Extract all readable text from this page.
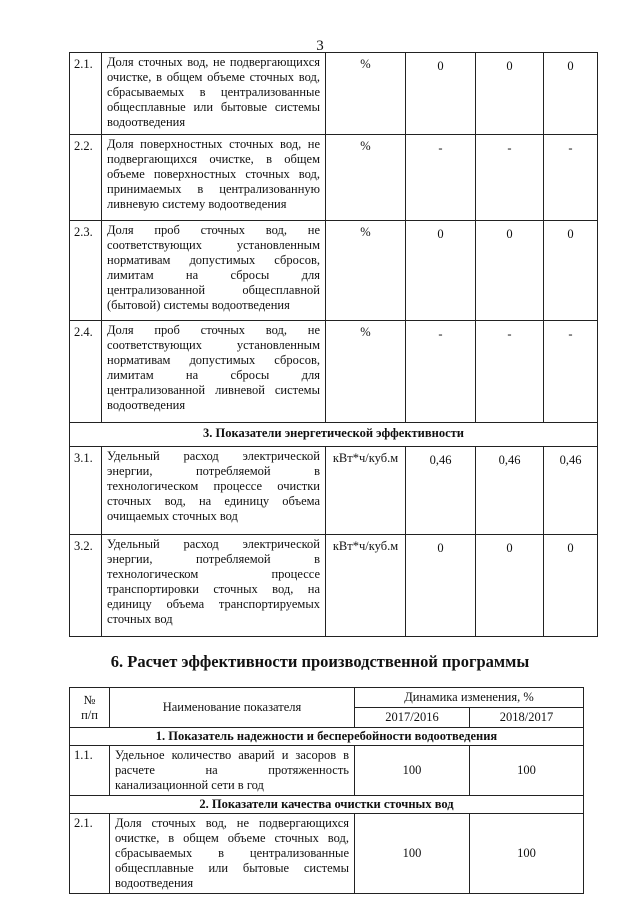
3
2.1.	Доля сточных вод, не подвергающихся очистке, в общем объеме сточных вод, сбрасываемых в централизованные общесплавные или бытовые системы водоотведения	%	0	0	0
2.2.	Доля поверхностных сточных вод, не подвергающихся очистке, в общем объеме поверхностных сточных вод, принимаемых в централизованную ливневую систему водоотведения	%	-	-	-
2.3.	Доля проб сточных вод, не соответствующих установленным нормативам допустимых сбросов, лимитам на сбросы для централизованной общесплавной (бытовой) системы водоотведения	%	0	0	0
2.4.	Доля проб сточных вод, не соответствующих установленным нормативам допустимых сбросов, лимитам на сбросы для централизованной ливневой системы водоотведения	%	-	-	-
3. Показатели энергетической эффективности					
3.1.	Удельный расход электрической энергии, потребляемой в технологическом процессе очистки сточных вод, на единицу объема очищаемых сточных вод	кВт*ч/куб.м	0,46	0,46	0,46
3.2.	Удельный расход электрической энергии, потребляемой в технологическом процессе транспортировки сточных вод, на единицу объема транспортируемых сточных вод	кВт*ч/куб.м	0	0	0
6. Расчет эффективности производственной программы
№
п/п	Наименование показателя	Динамика изменения, %	
		2017/2016	2018/2017
1. Показатель надежности и бесперебойности водоотведения			
1.1.	Удельное количество аварий и засоров в расчете на протяженность канализационной сети в год	100	100
2. Показатели качества очистки сточных вод			
2.1.	Доля сточных вод, не подвергающихся очистке, в общем объеме сточных вод, сбрасываемых в централизованные общесплавные или бытовые системы водоотведения	100	100
